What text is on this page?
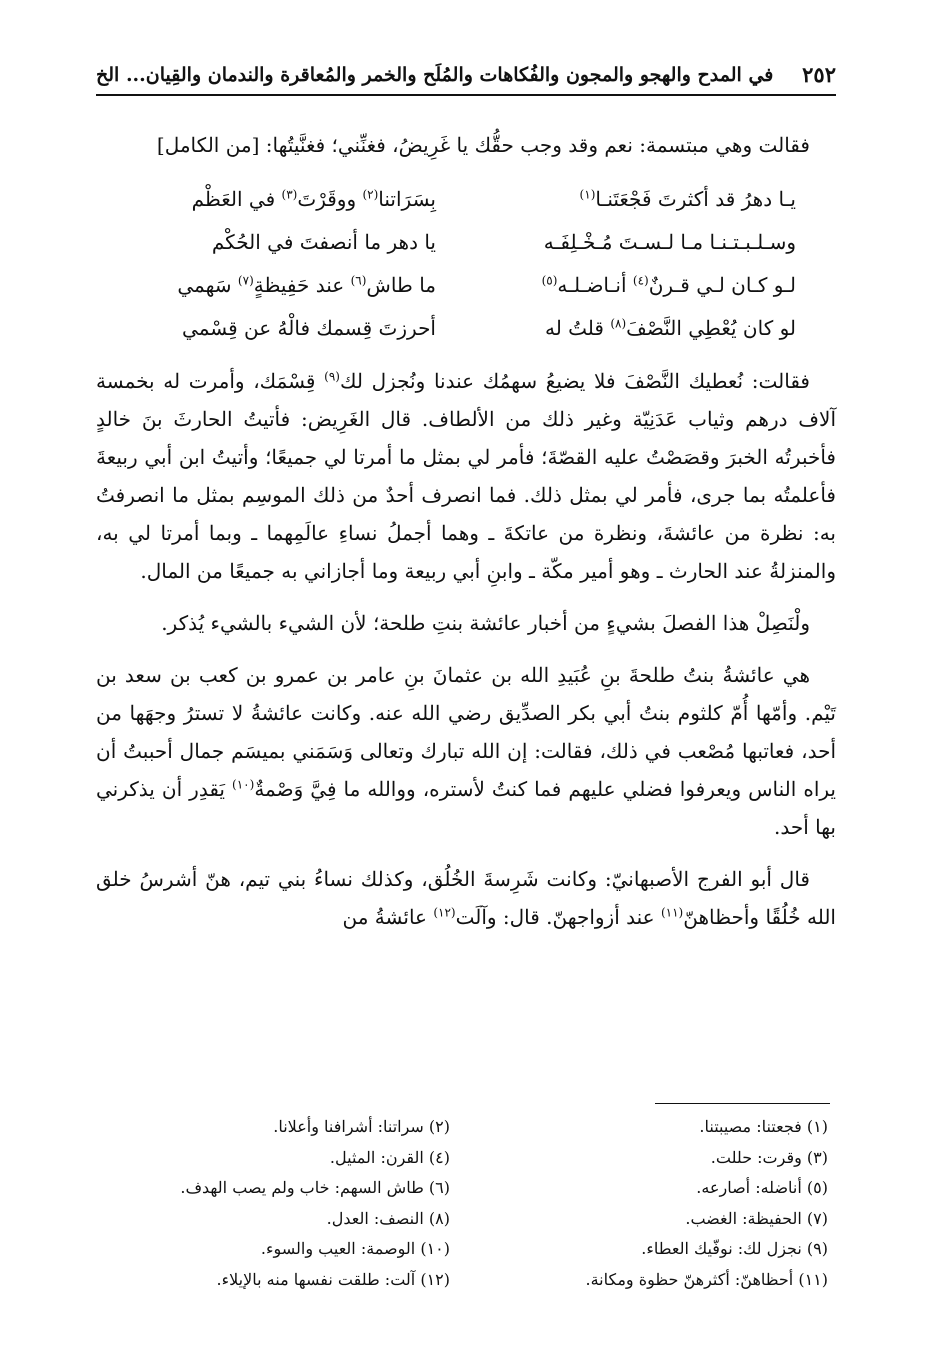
٢٥٢
في المدح والهجو والمجون والفُكاهات والمُلَح والخمر والمُعاقرة والندمان والقِيان... الخ

فقالت وهي مبتسمة: نعم وقد وجب حقُّك يا غَرِيضُ، فغنِّني؛ فغنَّيتُها: [من الكامل]

يـا دهرُ قد أكثرتَ فَجْعَتَنـا$^{(١)}$
بِسَرَاتنا$^{(٢)}$ ووقَرْتَ$^{(٣)}$ في العَظْم
وسـلـبـتـنـا مـا لـسـتَ مُـخْـلِفَـه
يا دهر ما أنصفتَ في الحُكْم
لـو كـان لـي قـرنٌ$^{(٤)}$ أنـاضـلـه$^{(٥)}$
ما طاش$^{(٦)}$ عند حَفِيظةٍ$^{(٧)}$ سَهمي
لو كان يُعْطِي النَّصْفَ$^{(٨)}$ قلتُ له
أحرزتَ قِسمك فالْهُ عن قِسْمي

فقالت: نُعطيك النَّصْفَ فلا يضيعُ سهمُك عندنا ونُجزل لك$^{(٩)}$ قِسْمَك، وأمرت له بخمسة آلاف درهم وثياب عَدَنِيّة وغير ذلك من الألطاف. قال الغَرِيض: فأتيتُ الحارثَ بنَ خالدٍ فأخبرتُه الخبرَ وقصَصْتُ عليه القصّةَ؛ فأمر لي بمثل ما أمرتا لي جميعًا؛ وأتيتُ ابن أبي ربيعةَ فأعلمتُه بما جرى، فأمر لي بمثل ذلك. فما انصرف أحدٌ من ذلك الموسِم بمثل ما انصرفتُ به: نظرة من عائشةَ، ونظرة من عاتكةَ ـ وهما أجملُ نساءِ عالَمِهما ـ وبما أمرتا لي به، والمنزلةُ عند الحارث ـ وهو أمير مكّة ـ وابنِ أبي ربيعة وما أجازاني به جميعًا من المال.

ولْنَصِلْ هذا الفصلَ بشيءٍ من أخبار عائشة بنتِ طلحة؛ لأن الشيء بالشيء يُذكر.

هي عائشةُ بنتُ طلحةَ بنِ عُبَيدِ الله بن عثمانَ بنِ عامر بن عمرو بن كعب بن سعد بن تَيْم. وأمّها أُمّ كلثوم بنتُ أبي بكر الصدِّيق رضي الله عنه. وكانت عائشةُ لا تسترُ وجهَها من أحد، فعاتبها مُصْعب في ذلك، فقالت: إن الله تبارك وتعالى وَسَمَني بميسَم جمال أحببتُ أن يراه الناس ويعرفوا فضلي عليهم فما كنتُ لأستره، ووالله ما فِيَّ وَصْمةٌ$^{(١٠)}$ يَقدِر أن يذكرني بها أحد.

قال أبو الفرج الأصبهانيّ: وكانت شَرِسةَ الخُلُق، وكذلك نساءُ بني تيم، هنّ أشرسُ خلق الله خُلُقًا وأحظاهنّ$^{(١١)}$ عند أزواجهنّ. قال: وآلَت$^{(١٢)}$ عائشةُ من

(١) فجعتنا: مصيبتنا.
(٢) سراتنا: أشرافنا وأعلانا.
(٣) وقرت: حللت.
(٤) القرن: المثيل.
(٥) أناضله: أصارعه.
(٦) طاش السهم: خاب ولم يصب الهدف.
(٧) الحفيظة: الغضب.
(٨) النصف: العدل.
(٩) نجزل لك: نوفّيك العطاء.
(١٠) الوصمة: العيب والسوء.
(١١) أحظاهنّ: أكثرهنّ حظوة ومكانة.
(١٢) آلت: طلقت نفسها منه بالإيلاء.
